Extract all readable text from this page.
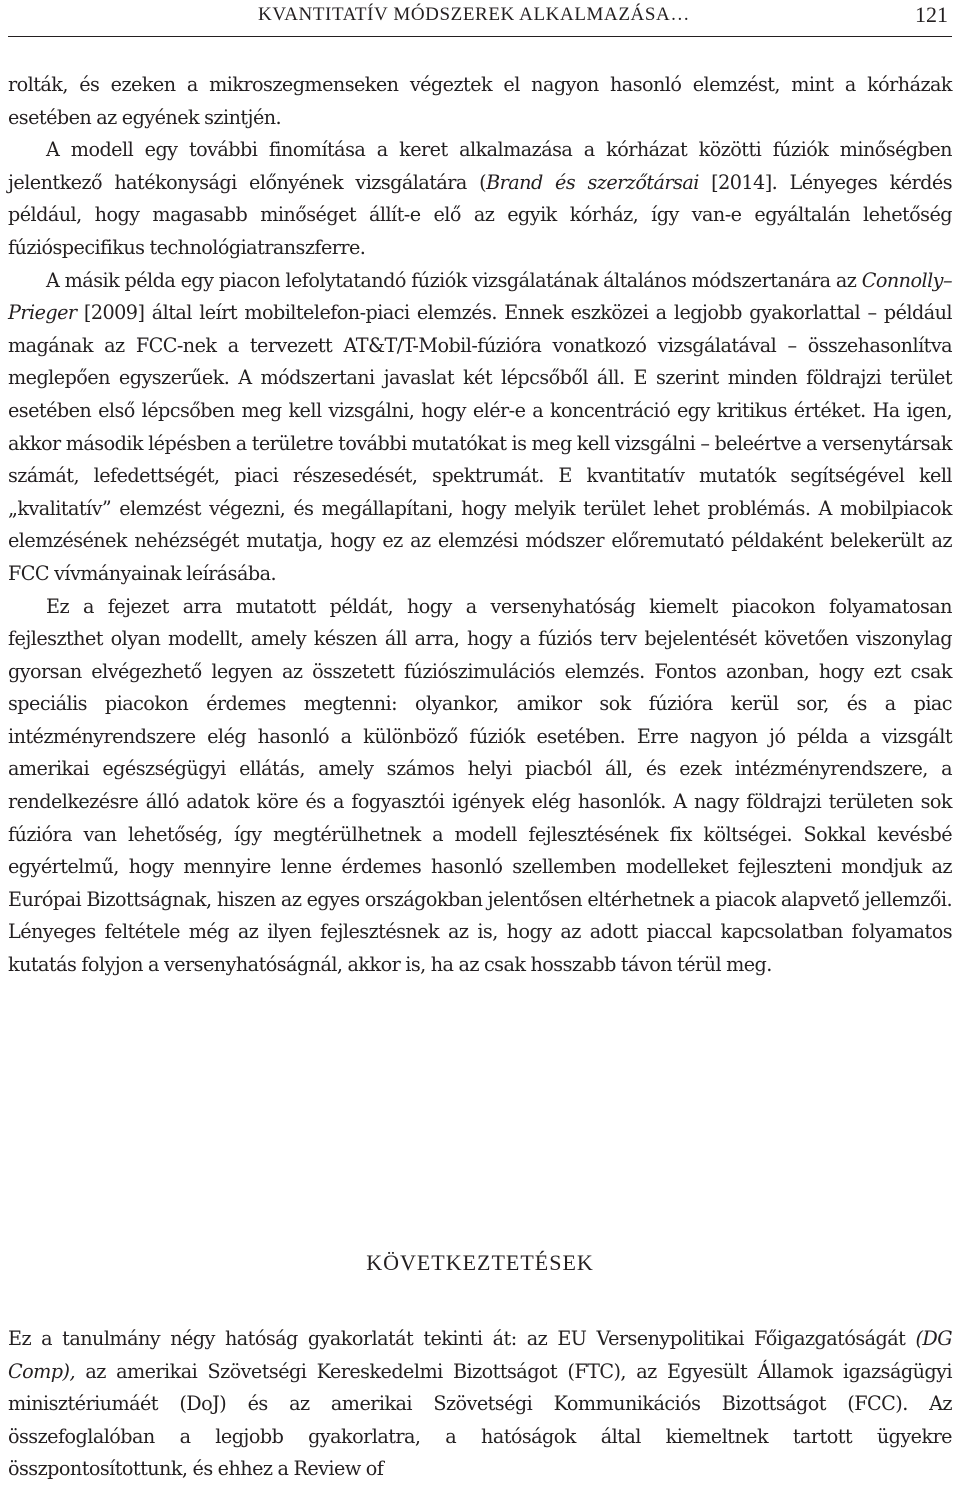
KVANTITATÍV MÓDSZEREK ALKALMAZÁSA…	121

rolták, és ezeken a mikroszegmenseken végeztek el nagyon hasonló elemzést, mint a kórházak esetében az egyének szintjén.

A modell egy további finomítása a keret alkalmazása a kórházat közötti fúziók minőségben jelentkező hatékonysági előnyének vizsgálatára (Brand és szerzőtársai [2014]. Lényeges kérdés például, hogy magasabb minőséget állít-e elő az egyik kórház, így van-e egyáltalán lehetőség fúzióspecifikus technológiatranszferre.

A másik példa egy piacon lefolytatandó fúziók vizsgálatának általános módszertanára az Connolly–Prieger [2009] által leírt mobiltelefon-piaci elemzés. Ennek eszközei a legjobb gyakorlattal – például magának az FCC-nek a tervezett AT&T/T-Mobil-fúzióra vonatkozó vizsgálatával – összehasonlítva meglepően egyszerűek. A módszertani javaslat két lépcsőből áll. E szerint minden földrajzi terület esetében első lépcsőben meg kell vizsgálni, hogy elér-e a koncentráció egy kritikus értéket. Ha igen, akkor második lépésben a területre további mutatókat is meg kell vizsgálni – beleértve a versenytársak számát, lefedettségét, piaci részesedését, spektrumát. E kvantitatív mutatók segítségével kell „kvalitatív” elemzést végezni, és megállapítani, hogy melyik terület lehet problémás. A mobilpiacok elemzésének nehézségét mutatja, hogy ez az elemzési módszer előremutató példaként belekerült az FCC vívmányainak leírásába.

Ez a fejezet arra mutatott példát, hogy a versenyhatóság kiemelt piacokon folyamatosan fejleszthet olyan modellt, amely készen áll arra, hogy a fúziós terv bejelentését követően viszonylag gyorsan elvégezhető legyen az összetett fúziószimulációs elemzés. Fontos azonban, hogy ezt csak speciális piacokon érdemes megtenni: olyankor, amikor sok fúzióra kerül sor, és a piac intézményrendszere elég hasonló a különböző fúziók esetében. Erre nagyon jó példa a vizsgált amerikai egészségügyi ellátás, amely számos helyi piacból áll, és ezek intézményrendszere, a rendelkezésre álló adatok köre és a fogyasztói igények elég hasonlók. A nagy földrajzi területen sok fúzióra van lehetőség, így megtérülhetnek a modell fejlesztésének fix költségei. Sokkal kevésbé egyértelmű, hogy mennyire lenne érdemes hasonló szellemben modelleket fejleszteni mondjuk az Európai Bizottságnak, hiszen az egyes országokban jelentősen eltérhetnek a piacok alapvető jellemzői. Lényeges feltétele még az ilyen fejlesztésnek az is, hogy az adott piaccal kapcsolatban folyamatos kutatás folyjon a versenyhatóságnál, akkor is, ha az csak hosszabb távon térül meg.

KÖVETKEZTETÉSEK

Ez a tanulmány négy hatóság gyakorlatát tekinti át: az EU Versenypolitikai Főigazgatóságát (DG Comp), az amerikai Szövetségi Kereskedelmi Bizottságot (FTC), az Egyesült Államok igazságügyi minisztériumáét (DoJ) és az amerikai Szövetségi Kommunikációs Bizottságot (FCC). Az összefoglalóban a legjobb gyakorlatra, a hatóságok által kiemeltnek tartott ügyekre összpontosítottunk, és ehhez a Review of
